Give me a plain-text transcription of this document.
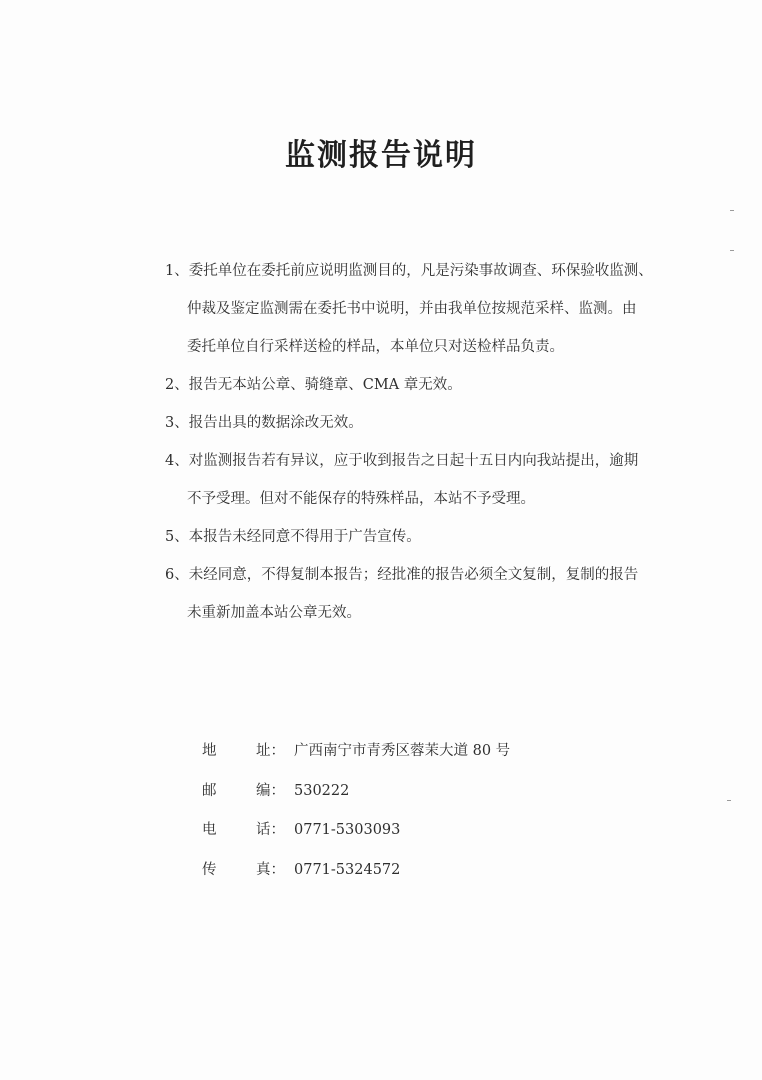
监测报告说明
1、委托单位在委托前应说明监测目的，凡是污染事故调查、环保验收监测、
仲裁及鉴定监测需在委托书中说明，并由我单位按规范采样、监测。由
委托单位自行采样送检的样品，本单位只对送检样品负责。
2、报告无本站公章、骑缝章、CMA 章无效。
3、报告出具的数据涂改无效。
4、对监测报告若有异议，应于收到报告之日起十五日内向我站提出，逾期
不予受理。但对不能保存的特殊样品，本站不予受理。
5、本报告未经同意不得用于广告宣传。
6、未经同意，不得复制本报告；经批准的报告必须全文复制，复制的报告
未重新加盖本站公章无效。
地	址： 广西南宁市青秀区蓉茉大道 80 号
邮	编： 530222
电	话： 0771-5303093
传	真： 0771-5324572
